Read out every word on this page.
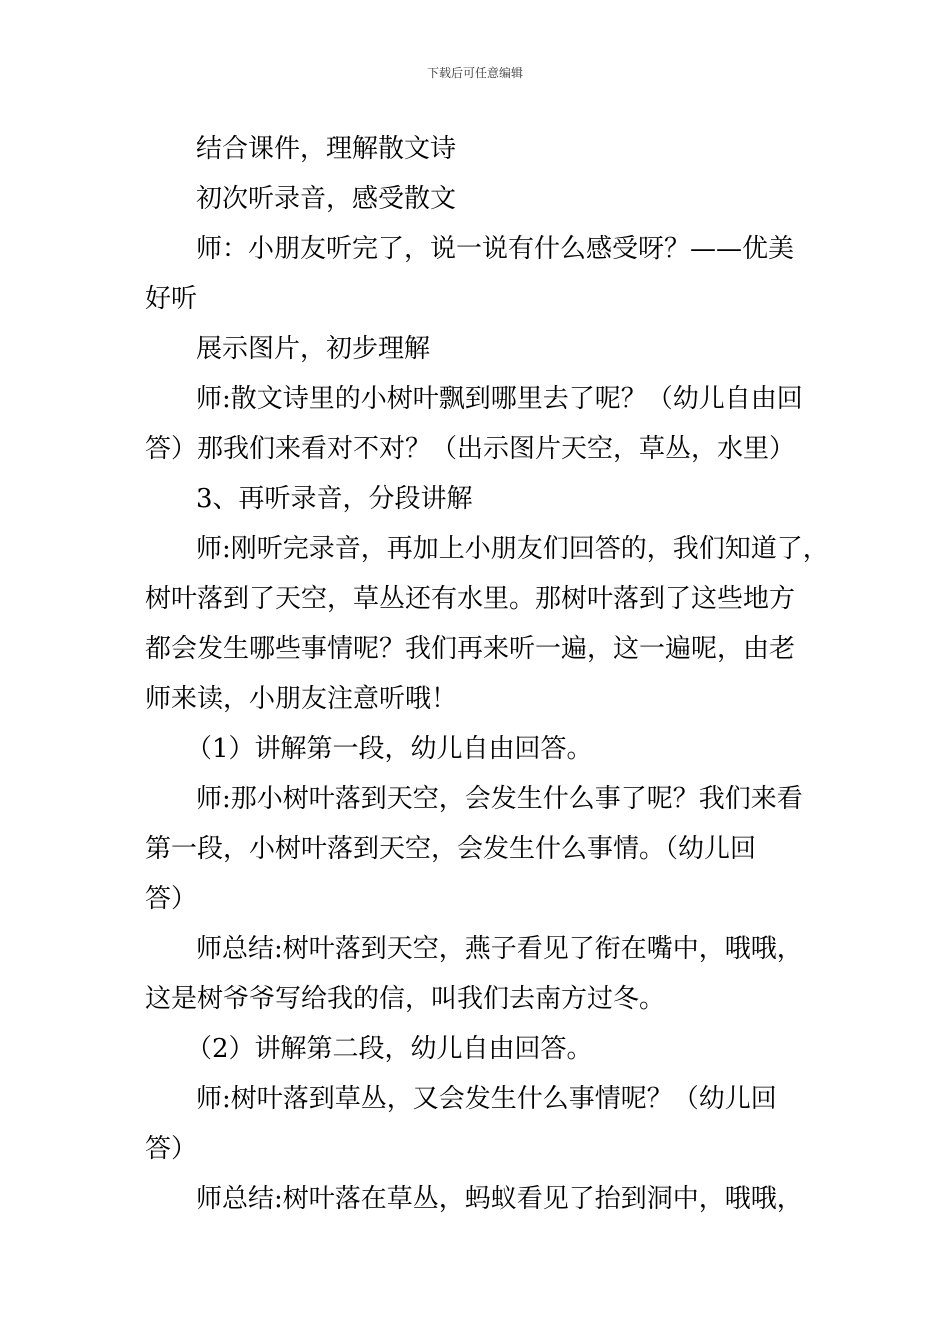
下载后可任意编辑
结合课件，理解散文诗
初次听录音，感受散文
师：小朋友听完了，说一说有什么感受呀？——优美
好听
展示图片，初步理解
师:散文诗里的小树叶飘到哪里去了呢？（幼儿自由回
答）那我们来看对不对？（出示图片天空，草丛，水里）
3、再听录音，分段讲解
师:刚听完录音，再加上小朋友们回答的，我们知道了，
树叶落到了天空，草丛还有水里。那树叶落到了这些地方
都会发生哪些事情呢？我们再来听一遍，这一遍呢，由老
师来读，小朋友注意听哦！
（1）讲解第一段，幼儿自由回答。
师:那小树叶落到天空，会发生什么事了呢？我们来看
第一段，小树叶落到天空，会发生什么事情。（幼儿回
答）
师总结:树叶落到天空，燕子看见了衔在嘴中，哦哦，
这是树爷爷写给我的信，叫我们去南方过冬。
（2）讲解第二段，幼儿自由回答。
师:树叶落到草丛，又会发生什么事情呢？（幼儿回
答）
师总结:树叶落在草丛，蚂蚁看见了抬到洞中，哦哦，
